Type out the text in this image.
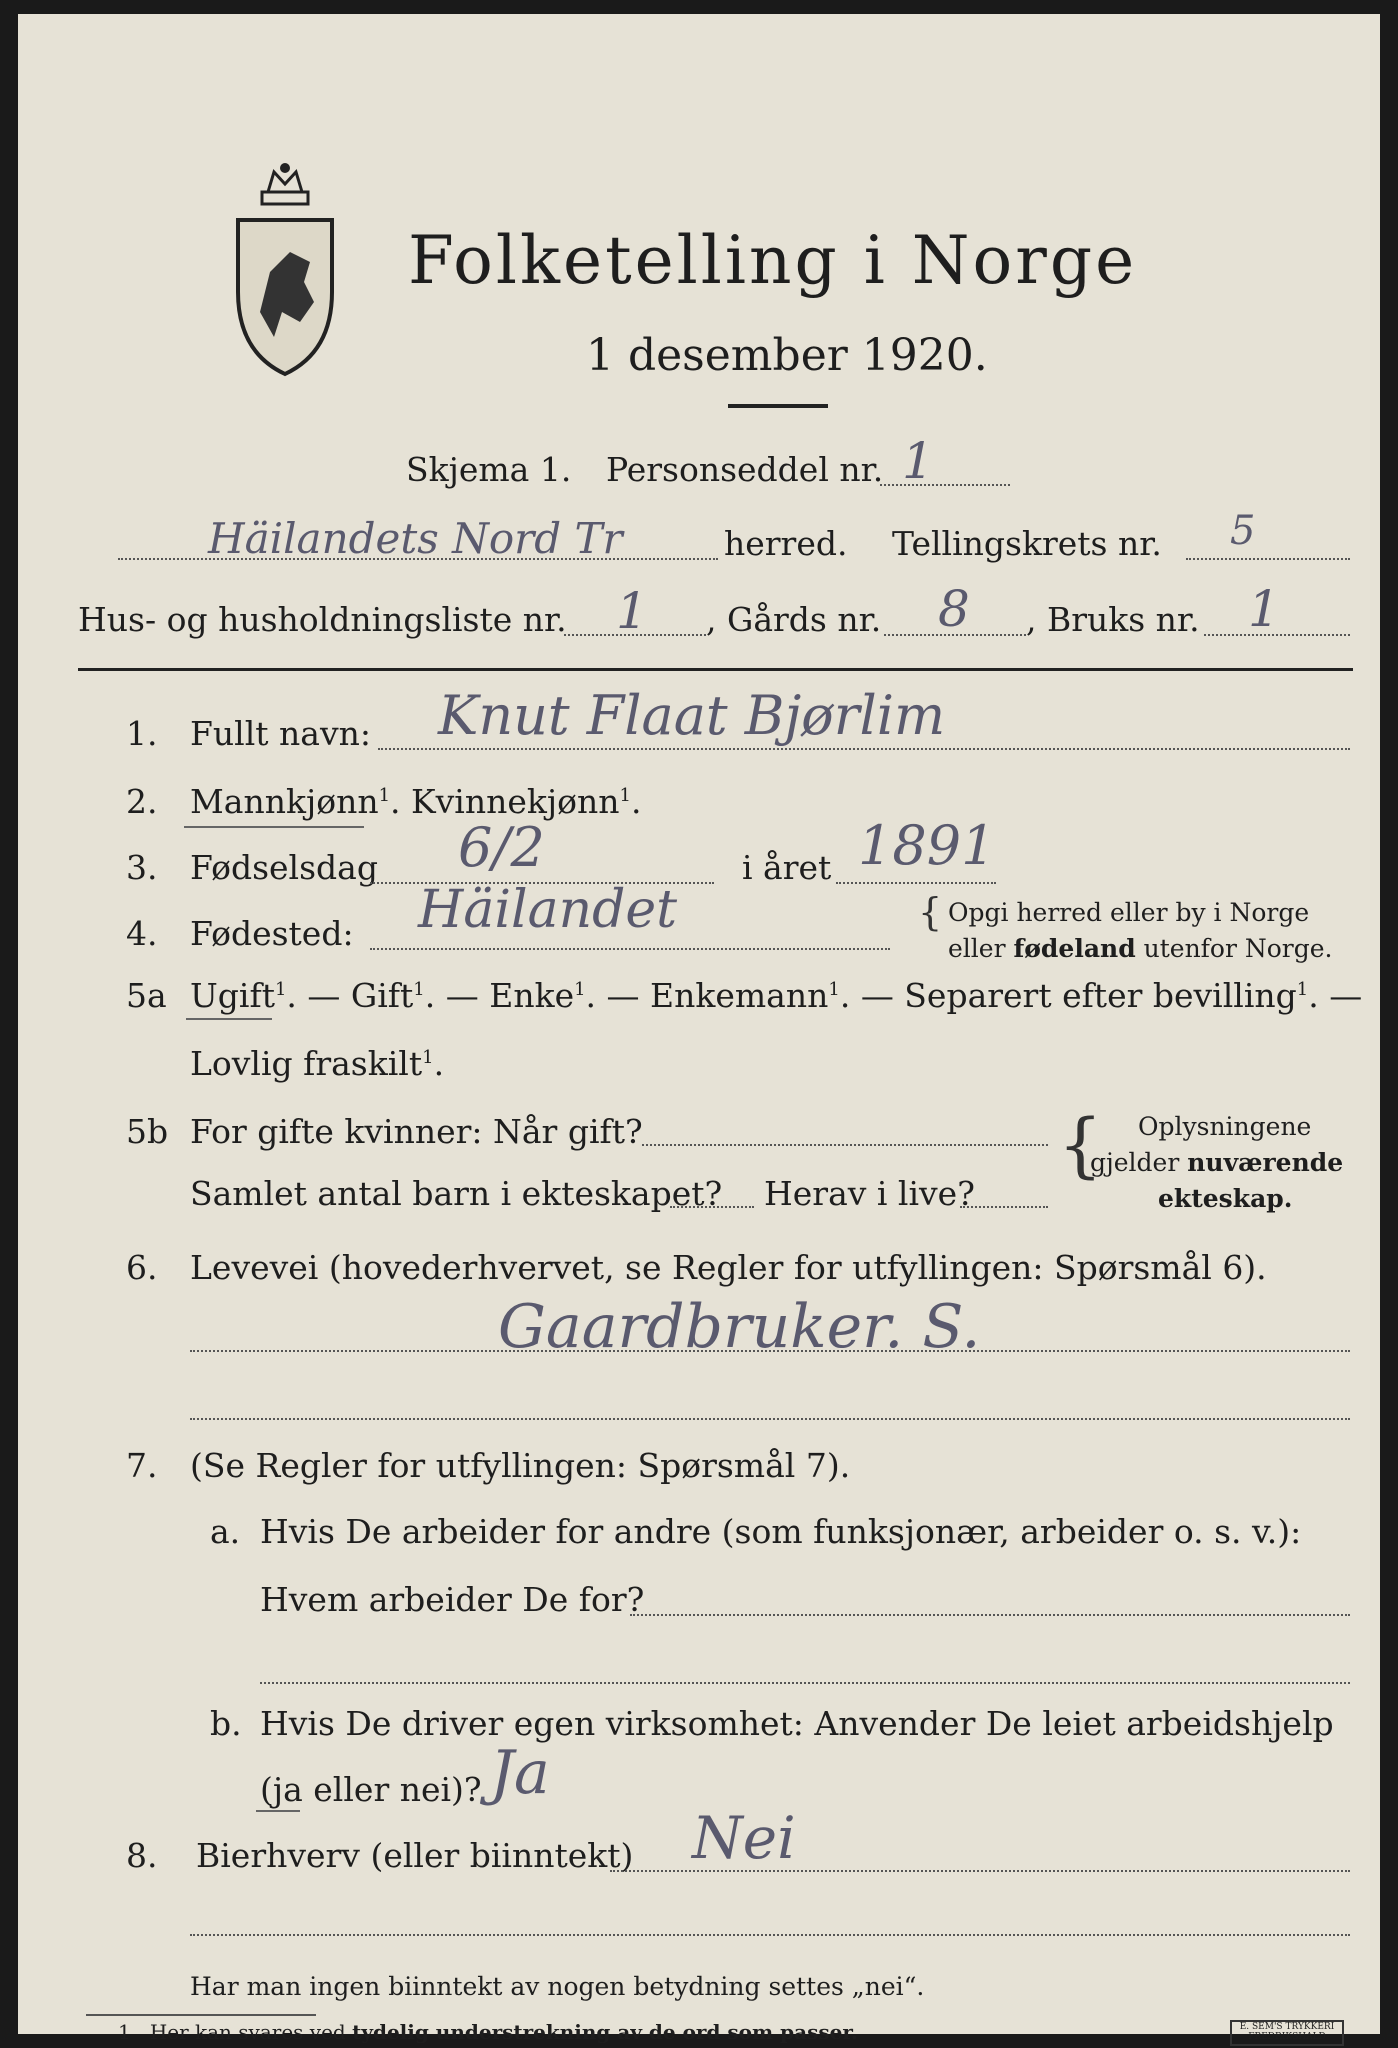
Folketelling i Norge
1 desember 1920.
Skjema 1. Personseddel nr. 1
Häilandets Nord Tr	herred. Tellingskrets nr. 5
Hus- og husholdningsliste nr. 1 , Gårds nr. 8 , Bruks nr. 1
1. Fullt navn: Knut Flaat Bjørlim
2. Mannkjønn$^1$. Kvinnekjønn$^1$.
3. Fødselsdag 6/2	i året 1891
4. Fødested: Häilandet	{ Opgi herred eller by i Norge
eller fødeland utenfor Norge.
5a Ugift$^1$. — Gift$^1$. — Enke$^1$. — Enkemann$^1$. — Separert efter bevilling$^1$. —
Lovlig fraskilt$^1$.
5b For gifte kvinner: Når gift?
Samlet antal barn i ekteskapet? Herav i live?
{ Oplysningene
gjelder nuværende
ekteskap.
6. Levevei (hovederhvervet, se Regler for utfyllingen: Spørsmål 6).
Gaardbruker. S.
7. (Se Regler for utfyllingen: Spørsmål 7).
a. Hvis De arbeider for andre (som funksjonær, arbeider o. s. v.):
Hvem arbeider De for?
b. Hvis De driver egen virksomhet: Anvender De leiet arbeidshjelp
(ja eller nei)? Ja
8. Bierhverv (eller biinntekt) Nei
Har man ingen biinntekt av nogen betydning settes „nei“.
1 Her kan svares ved tydelig understrekning av de ord som passer.	E. SEM'S TRYKKERI
FREDRIKSHALD
